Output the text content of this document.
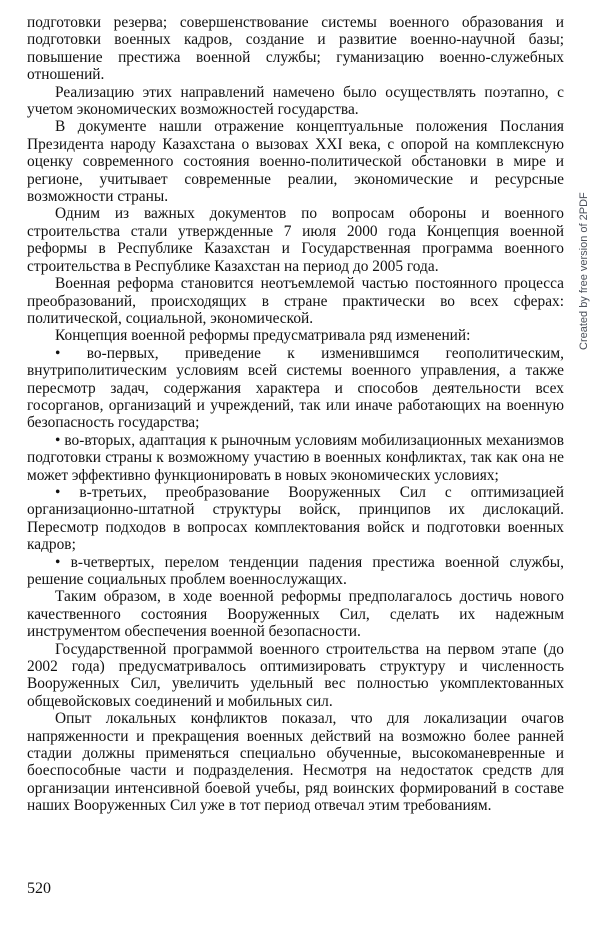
подготовки резерва; совершенствование системы военного образования и подготовки военных кадров, создание и развитие военно-научной базы; повышение престижа военной службы; гуманизацию военно-служебных отношений.

Реализацию этих направлений намечено было осуществлять поэтапно, с учетом экономических возможностей государства.

В документе нашли отражение концептуальные положения Послания Президента народу Казахстана о вызовах XXI века, с опорой на комплексную оценку современного состояния военно-политической обстановки в мире и регионе, учитывает современные реалии, экономические и ресурсные возможности страны.

Одним из важных документов по вопросам обороны и военного строительства стали утвержденные 7 июля 2000 года Концепция военной реформы в Республике Казахстан и Государственная программа военного строительства в Республике Казахстан на период до 2005 года.

Военная реформа становится неотъемлемой частью постоянного процесса преобразований, происходящих в стране практически во всех сферах: политической, социальной, экономической.

Концепция военной реформы предусматривала ряд изменений:

• во-первых, приведение к изменившимся геополитическим, внутриполитическим условиям всей системы военного управления, а также пересмотр задач, содержания характера и способов деятельности всех госорганов, организаций и учреждений, так или иначе работающих на военную безопасность государства;

• во-вторых, адаптация к рыночным условиям мобилизационных механизмов подготовки страны к возможному участию в военных конфликтах, так как она не может эффективно функционировать в новых экономических условиях;

• в-третьих, преобразование Вооруженных Сил с оптимизацией организационно-штатной структуры войск, принципов их дислокаций. Пересмотр подходов в вопросах комплектования войск и подготовки военных кадров;

• в-четвертых, перелом тенденции падения престижа военной службы, решение социальных проблем военнослужащих.

Таким образом, в ходе военной реформы предполагалось достичь нового качественного состояния Вооруженных Сил, сделать их надежным инструментом обеспечения военной безопасности.

Государственной программой военного строительства на первом этапе (до 2002 года) предусматривалось оптимизировать структуру и численность Вооруженных Сил, увеличить удельный вес полностью укомплектованных общевойсковых соединений и мобильных сил.

Опыт локальных конфликтов показал, что для локализации очагов напряженности и прекращения военных действий на возможно более ранней стадии должны применяться специально обученные, высокоманевренные и боеспособные части и подразделения. Несмотря на недостаток средств для организации интенсивной боевой учебы, ряд воинских формирований в составе наших Вооруженных Сил уже в тот период отвечал этим требованиям.

Created by free version of 2PDF
520
